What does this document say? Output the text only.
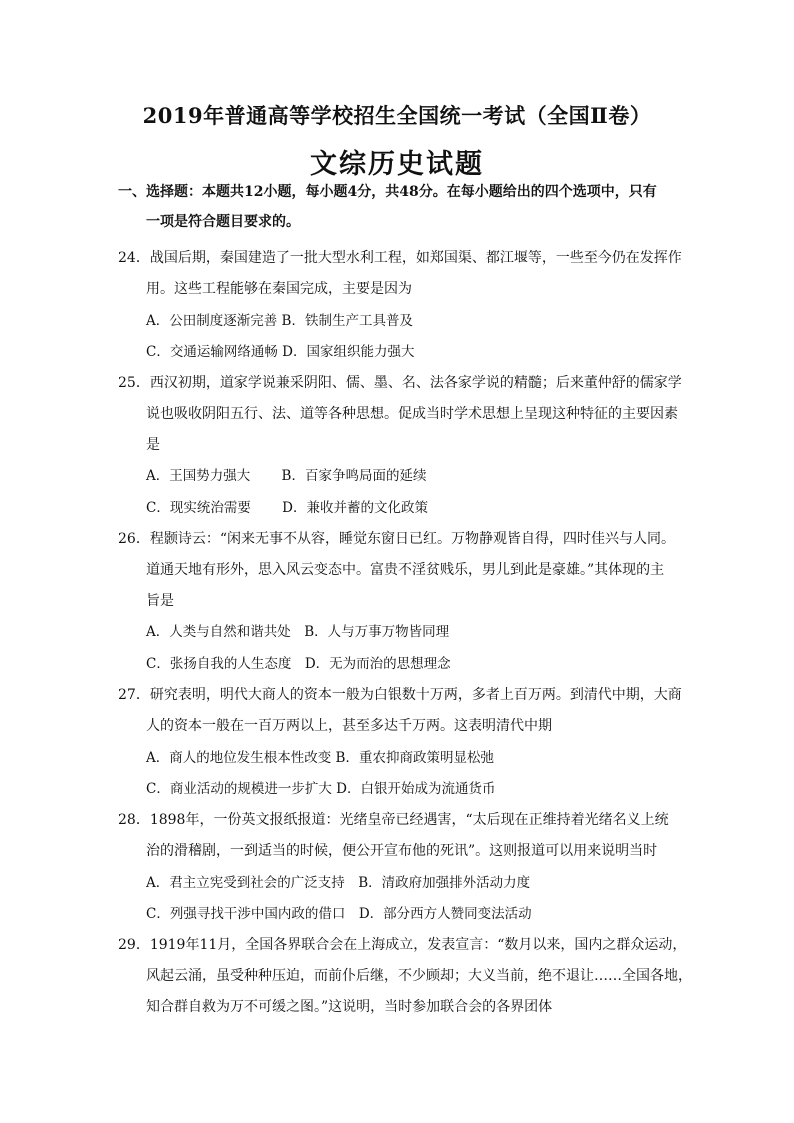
2019年普通高等学校招生全国统一考试（全国Ⅱ卷）
文综历史试题
一、选择题：本题共12小题，每小题4分，共48分。在每小题给出的四个选项中，只有
一项是符合题目要求的。
24．战国后期，秦国建造了一批大型水利工程，如郑国渠、都江堰等，一些至今仍在发挥作
用。这些工程能够在秦国完成，主要是因为
A．公田制度逐渐完善 B．铁制生产工具普及
C．交通运输网络通畅 D．国家组织能力强大
25．西汉初期，道家学说兼采阴阳、儒、墨、名、法各家学说的精髓；后来董仲舒的儒家学
说也吸收阴阳五行、法、道等各种思想。促成当时学术思想上呈现这种特征的主要因素
是
A．王国势力强大　　 B．百家争鸣局面的延续
C．现实统治需要　　 D．兼收并蓄的文化政策
26．程颢诗云：“闲来无事不从容，睡觉东窗日已红。万物静观皆自得，四时佳兴与人同。
道通天地有形外，思入风云变态中。富贵不淫贫贱乐，男儿到此是豪雄。”其体现的主
旨是
A．人类与自然和谐共处　B．人与万事万物皆同理
C．张扬自我的人生态度　D．无为而治的思想理念
27．研究表明，明代大商人的资本一般为白银数十万两，多者上百万两。到清代中期，大商
人的资本一般在一百万两以上，甚至多达千万两。这表明清代中期
A．商人的地位发生根本性改变 B．重农抑商政策明显松弛
C．商业活动的规模进一步扩大 D．白银开始成为流通货币
28．1898年，一份英文报纸报道：光绪皇帝已经遇害，“太后现在正维持着光绪名义上统
治的滑稽剧，一到适当的时候，便公开宣布他的死讯”。这则报道可以用来说明当时
A．君主立宪受到社会的广泛支持　B．清政府加强排外活动力度
C．列强寻找干涉中国内政的借口　D．部分西方人赞同变法活动
29．1919年11月，全国各界联合会在上海成立，发表宣言：“数月以来，国内之群众运动，
风起云涌，虽受种种压迫，而前仆后继，不少顾却；大义当前，绝不退让……全国各地，
知合群自救为万不可缓之图。”这说明，当时参加联合会的各界团体
